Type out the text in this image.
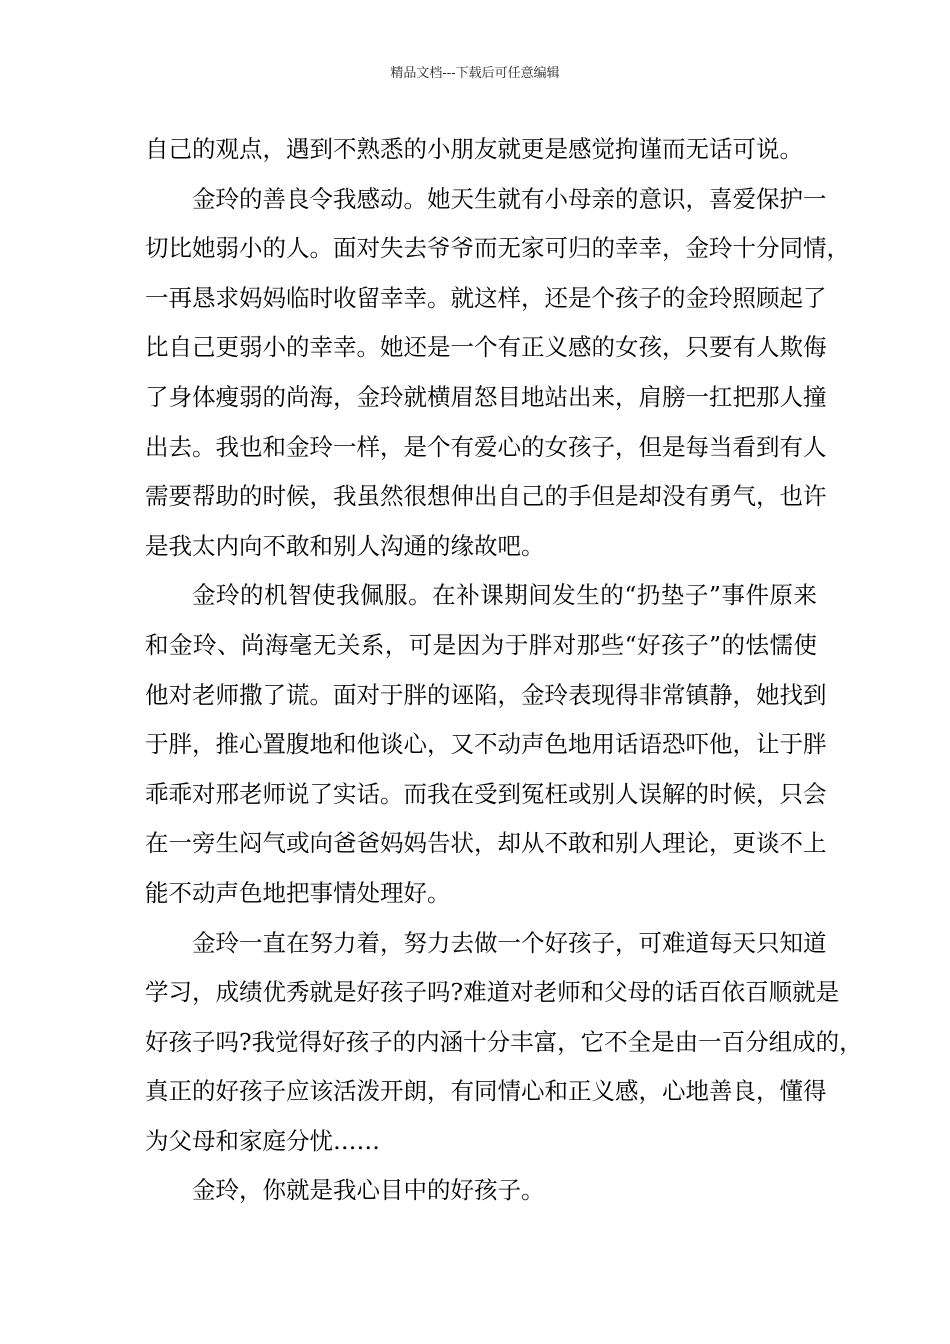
精品文档---下载后可任意编辑
自己的观点，遇到不熟悉的小朋友就更是感觉拘谨而无话可说。
金玲的善良令我感动。她天生就有小母亲的意识，喜爱保护一
切比她弱小的人。面对失去爷爷而无家可归的幸幸，金玲十分同情，
一再恳求妈妈临时收留幸幸。就这样，还是个孩子的金玲照顾起了
比自己更弱小的幸幸。她还是一个有正义感的女孩，只要有人欺侮
了身体瘦弱的尚海，金玲就横眉怒目地站出来，肩膀一扛把那人撞
出去。我也和金玲一样，是个有爱心的女孩子，但是每当看到有人
需要帮助的时候，我虽然很想伸出自己的手但是却没有勇气，也许
是我太内向不敢和别人沟通的缘故吧。
金玲的机智使我佩服。在补课期间发生的“扔垫子”事件原来
和金玲、尚海毫无关系，可是因为于胖对那些“好孩子”的怯懦使
他对老师撒了谎。面对于胖的诬陷，金玲表现得非常镇静，她找到
于胖，推心置腹地和他谈心，又不动声色地用话语恐吓他，让于胖
乖乖对邢老师说了实话。而我在受到冤枉或别人误解的时候，只会
在一旁生闷气或向爸爸妈妈告状，却从不敢和别人理论，更谈不上
能不动声色地把事情处理好。
金玲一直在努力着，努力去做一个好孩子，可难道每天只知道
学习，成绩优秀就是好孩子吗?难道对老师和父母的话百依百顺就是
好孩子吗?我觉得好孩子的内涵十分丰富，它不全是由一百分组成的，
真正的好孩子应该活泼开朗，有同情心和正义感，心地善良，懂得
为父母和家庭分忧……
金玲，你就是我心目中的好孩子。
